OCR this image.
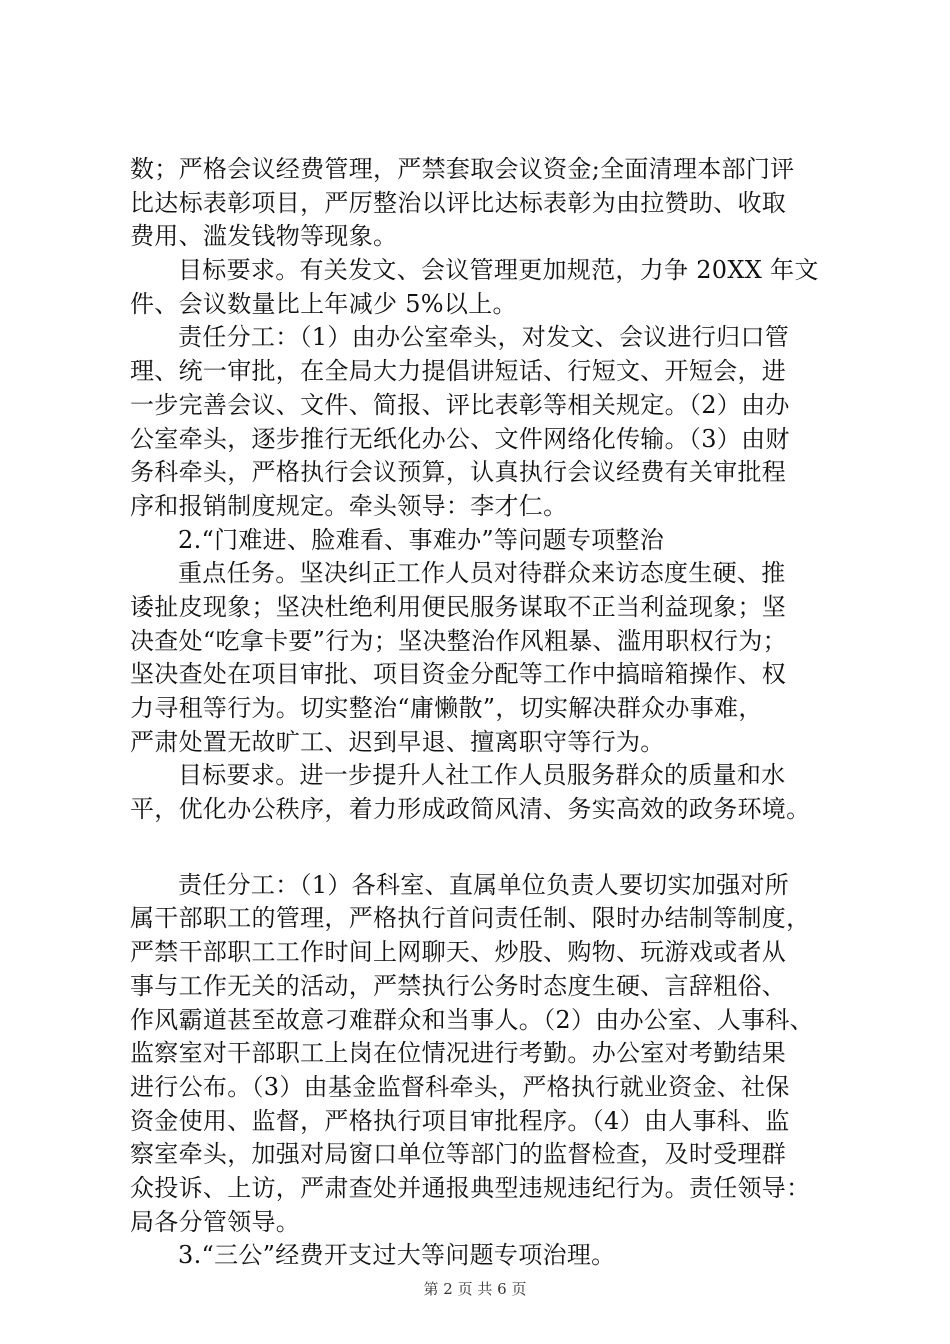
数；严格会议经费管理，严禁套取会议资金;全面清理本部门评
比达标表彰项目，严厉整治以评比达标表彰为由拉赞助、收取
费用、滥发钱物等现象。
目标要求。有关发文、会议管理更加规范，力争 20XX 年文
件、会议数量比上年减少 5%以上。
责任分工：（1）由办公室牵头，对发文、会议进行归口管
理、统一审批，在全局大力提倡讲短话、行短文、开短会，进
一步完善会议、文件、简报、评比表彰等相关规定。（2）由办
公室牵头，逐步推行无纸化办公、文件网络化传输。（3）由财
务科牵头，严格执行会议预算，认真执行会议经费有关审批程
序和报销制度规定。牵头领导：李才仁。
2.“门难进、脸难看、事难办”等问题专项整治
重点任务。坚决纠正工作人员对待群众来访态度生硬、推
诿扯皮现象；坚决杜绝利用便民服务谋取不正当利益现象；坚
决查处“吃拿卡要”行为；坚决整治作风粗暴、滥用职权行为；
坚决查处在项目审批、项目资金分配等工作中搞暗箱操作、权
力寻租等行为。切实整治“庸懒散”，切实解决群众办事难，
严肃处置无故旷工、迟到早退、擅离职守等行为。
目标要求。进一步提升人社工作人员服务群众的质量和水
平，优化办公秩序，着力形成政简风清、务实高效的政务环境。
责任分工：（1）各科室、直属单位负责人要切实加强对所
属干部职工的管理，严格执行首问责任制、限时办结制等制度，
严禁干部职工工作时间上网聊天、炒股、购物、玩游戏或者从
事与工作无关的活动，严禁执行公务时态度生硬、言辞粗俗、
作风霸道甚至故意刁难群众和当事人。（2）由办公室、人事科、
监察室对干部职工上岗在位情况进行考勤。办公室对考勤结果
进行公布。（3）由基金监督科牵头，严格执行就业资金、社保
资金使用、监督，严格执行项目审批程序。（4）由人事科、监
察室牵头，加强对局窗口单位等部门的监督检查，及时受理群
众投诉、上访，严肃查处并通报典型违规违纪行为。责任领导：
局各分管领导。
3.“三公”经费开支过大等问题专项治理。
第 2 页 共 6 页
